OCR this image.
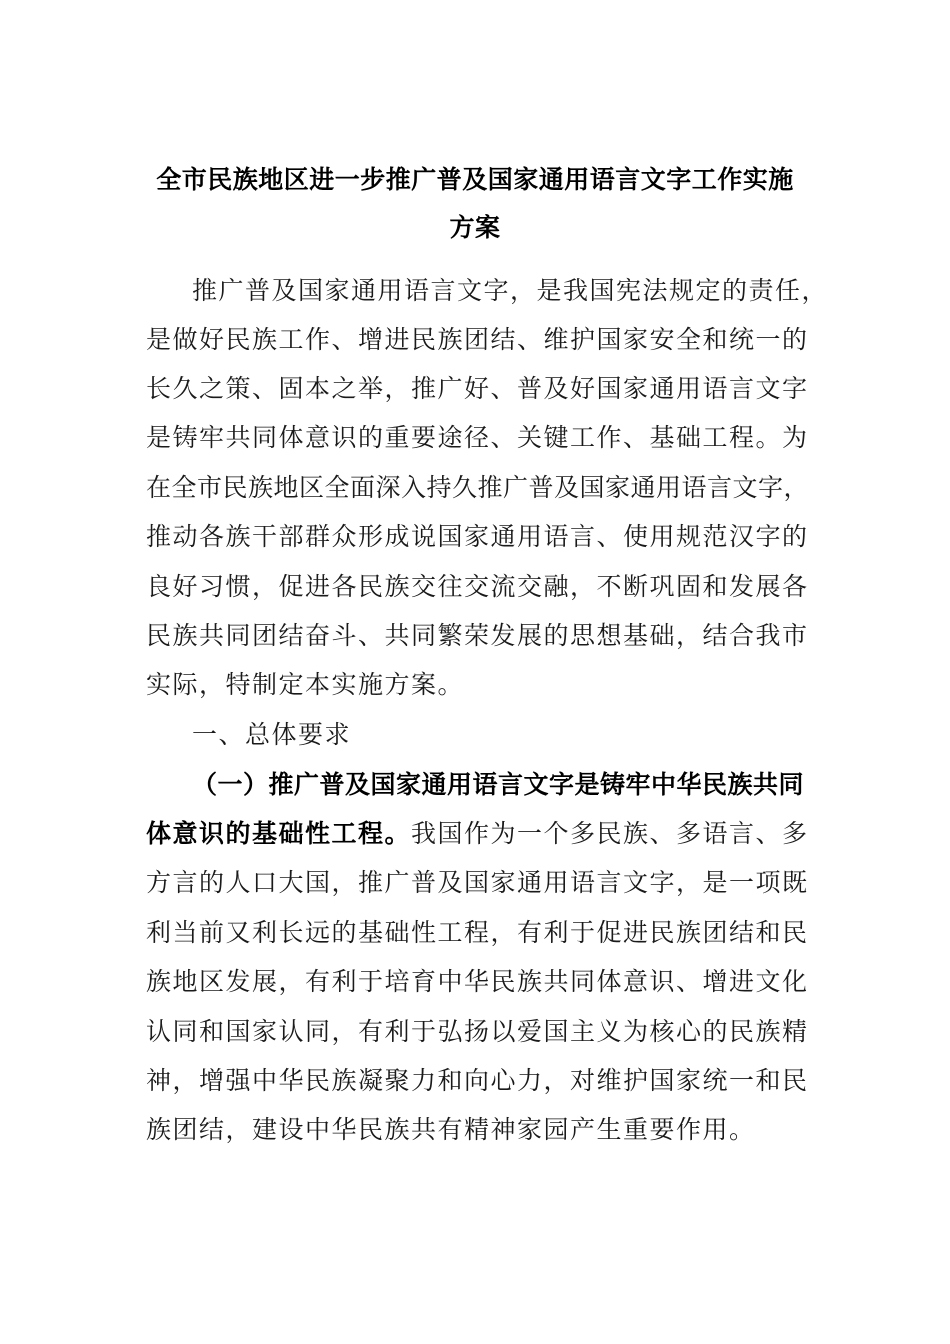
全市民族地区进一步推广普及国家通用语言文字工作实施
方案
推广普及国家通用语言文字，是我国宪法规定的责任，
是做好民族工作、增进民族团结、维护国家安全和统一的
长久之策、固本之举，推广好、普及好国家通用语言文字
是铸牢共同体意识的重要途径、关键工作、基础工程。为
在全市民族地区全面深入持久推广普及国家通用语言文字，
推动各族干部群众形成说国家通用语言、使用规范汉字的
良好习惯，促进各民族交往交流交融，不断巩固和发展各
民族共同团结奋斗、共同繁荣发展的思想基础，结合我市
实际，特制定本实施方案。
一、总体要求
（一）推广普及国家通用语言文字是铸牢中华民族共同
体意识的基础性工程。我国作为一个多民族、多语言、多
方言的人口大国，推广普及国家通用语言文字，是一项既
利当前又利长远的基础性工程，有利于促进民族团结和民
族地区发展，有利于培育中华民族共同体意识、增进文化
认同和国家认同，有利于弘扬以爱国主义为核心的民族精
神，增强中华民族凝聚力和向心力，对维护国家统一和民
族团结，建设中华民族共有精神家园产生重要作用。
